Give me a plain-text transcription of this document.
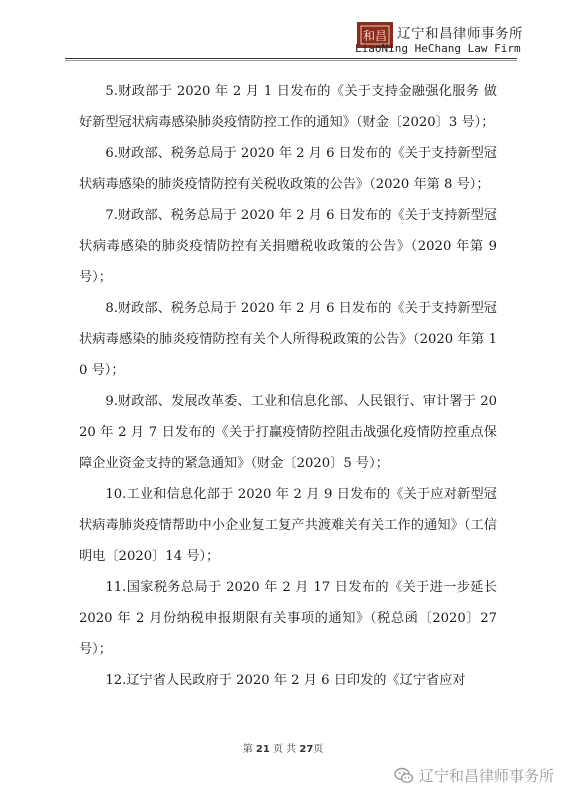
和昌 辽宁和昌律师事务所
LiaoNing HeChang Law Firm

5.财政部于 2020 年 2 月 1 日发布的《关于支持金融强化服务 做好新型冠状病毒感染肺炎疫情防控工作的通知》（财金〔2020〕3 号）；

6.财政部、税务总局于 2020 年 2 月 6 日发布的《关于支持新型冠状病毒感染的肺炎疫情防控有关税收政策的公告》（2020 年第 8 号）；

7.财政部、税务总局于 2020 年 2 月 6 日发布的《关于支持新型冠状病毒感染的肺炎疫情防控有关捐赠税收政策的公告》（2020 年第 9 号）；

8.财政部、税务总局于 2020 年 2 月 6 日发布的《关于支持新型冠状病毒感染的肺炎疫情防控有关个人所得税政策的公告》（2020 年第 10 号）；

9.财政部、发展改革委、工业和信息化部、人民银行、审计署于 2020 年 2 月 7 日发布的《关于打赢疫情防控阻击战强化疫情防控重点保障企业资金支持的紧急通知》（财金〔2020〕5 号）；

10.工业和信息化部于 2020 年 2 月 9 日发布的《关于应对新型冠状病毒肺炎疫情帮助中小企业复工复产共渡难关有关工作的通知》（工信明电〔2020〕14 号）；

11.国家税务总局于 2020 年 2 月 17 日发布的《关于进一步延长 2020 年 2 月份纳税申报期限有关事项的通知》（税总函〔2020〕27 号）；

12.辽宁省人民政府于 2020 年 2 月 6 日印发的《辽宁省应对

第 21 页 共 27页
辽宁和昌律师事务所
